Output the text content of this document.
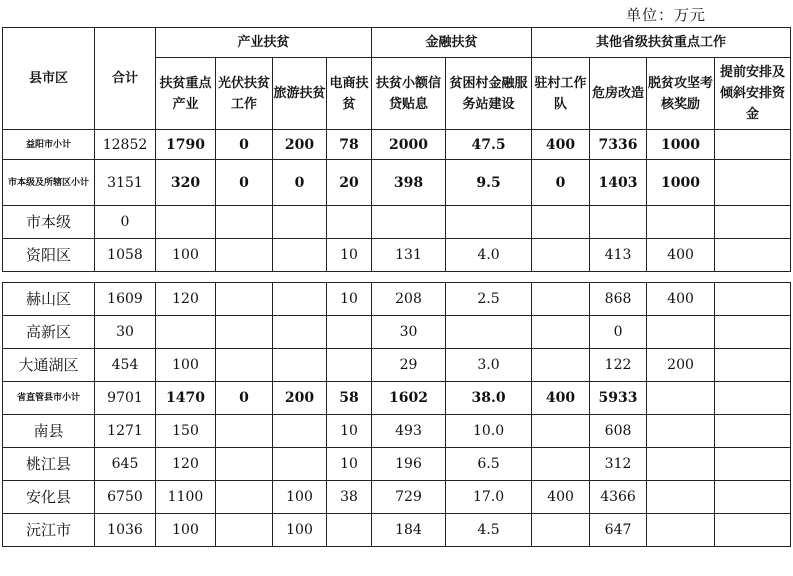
单位：万元
县市区	合计	产业扶贫				金融扶贫		其他省级扶贫重点工作			
		扶贫重点产业	光伏扶贫工作	旅游扶贫	电商扶贫	扶贫小额信贷贴息	贫困村金融服务站建设	驻村工作队	危房改造	脱贫攻坚考核奖励	提前安排及倾斜安排资金
益阳市小计	12852	1790	0	200	78	2000	47.5	400	7336	1000	
市本级及所辖区小计	3151	320	0	0	20	398	9.5	0	1403	1000	
市本级	0										
资阳区	1058	100			10	131	4.0		413	400	

赫山区	1609	120			10	208	2.5		868	400	
高新区	30					30			0		
大通湖区	454	100				29	3.0		122	200	
省直管县市小计	9701	1470	0	200	58	1602	38.0	400	5933		
南县	1271	150			10	493	10.0		608		
桃江县	645	120			10	196	6.5		312		
安化县	6750	1100		100	38	729	17.0	400	4366		
沅江市	1036	100		100		184	4.5		647		
